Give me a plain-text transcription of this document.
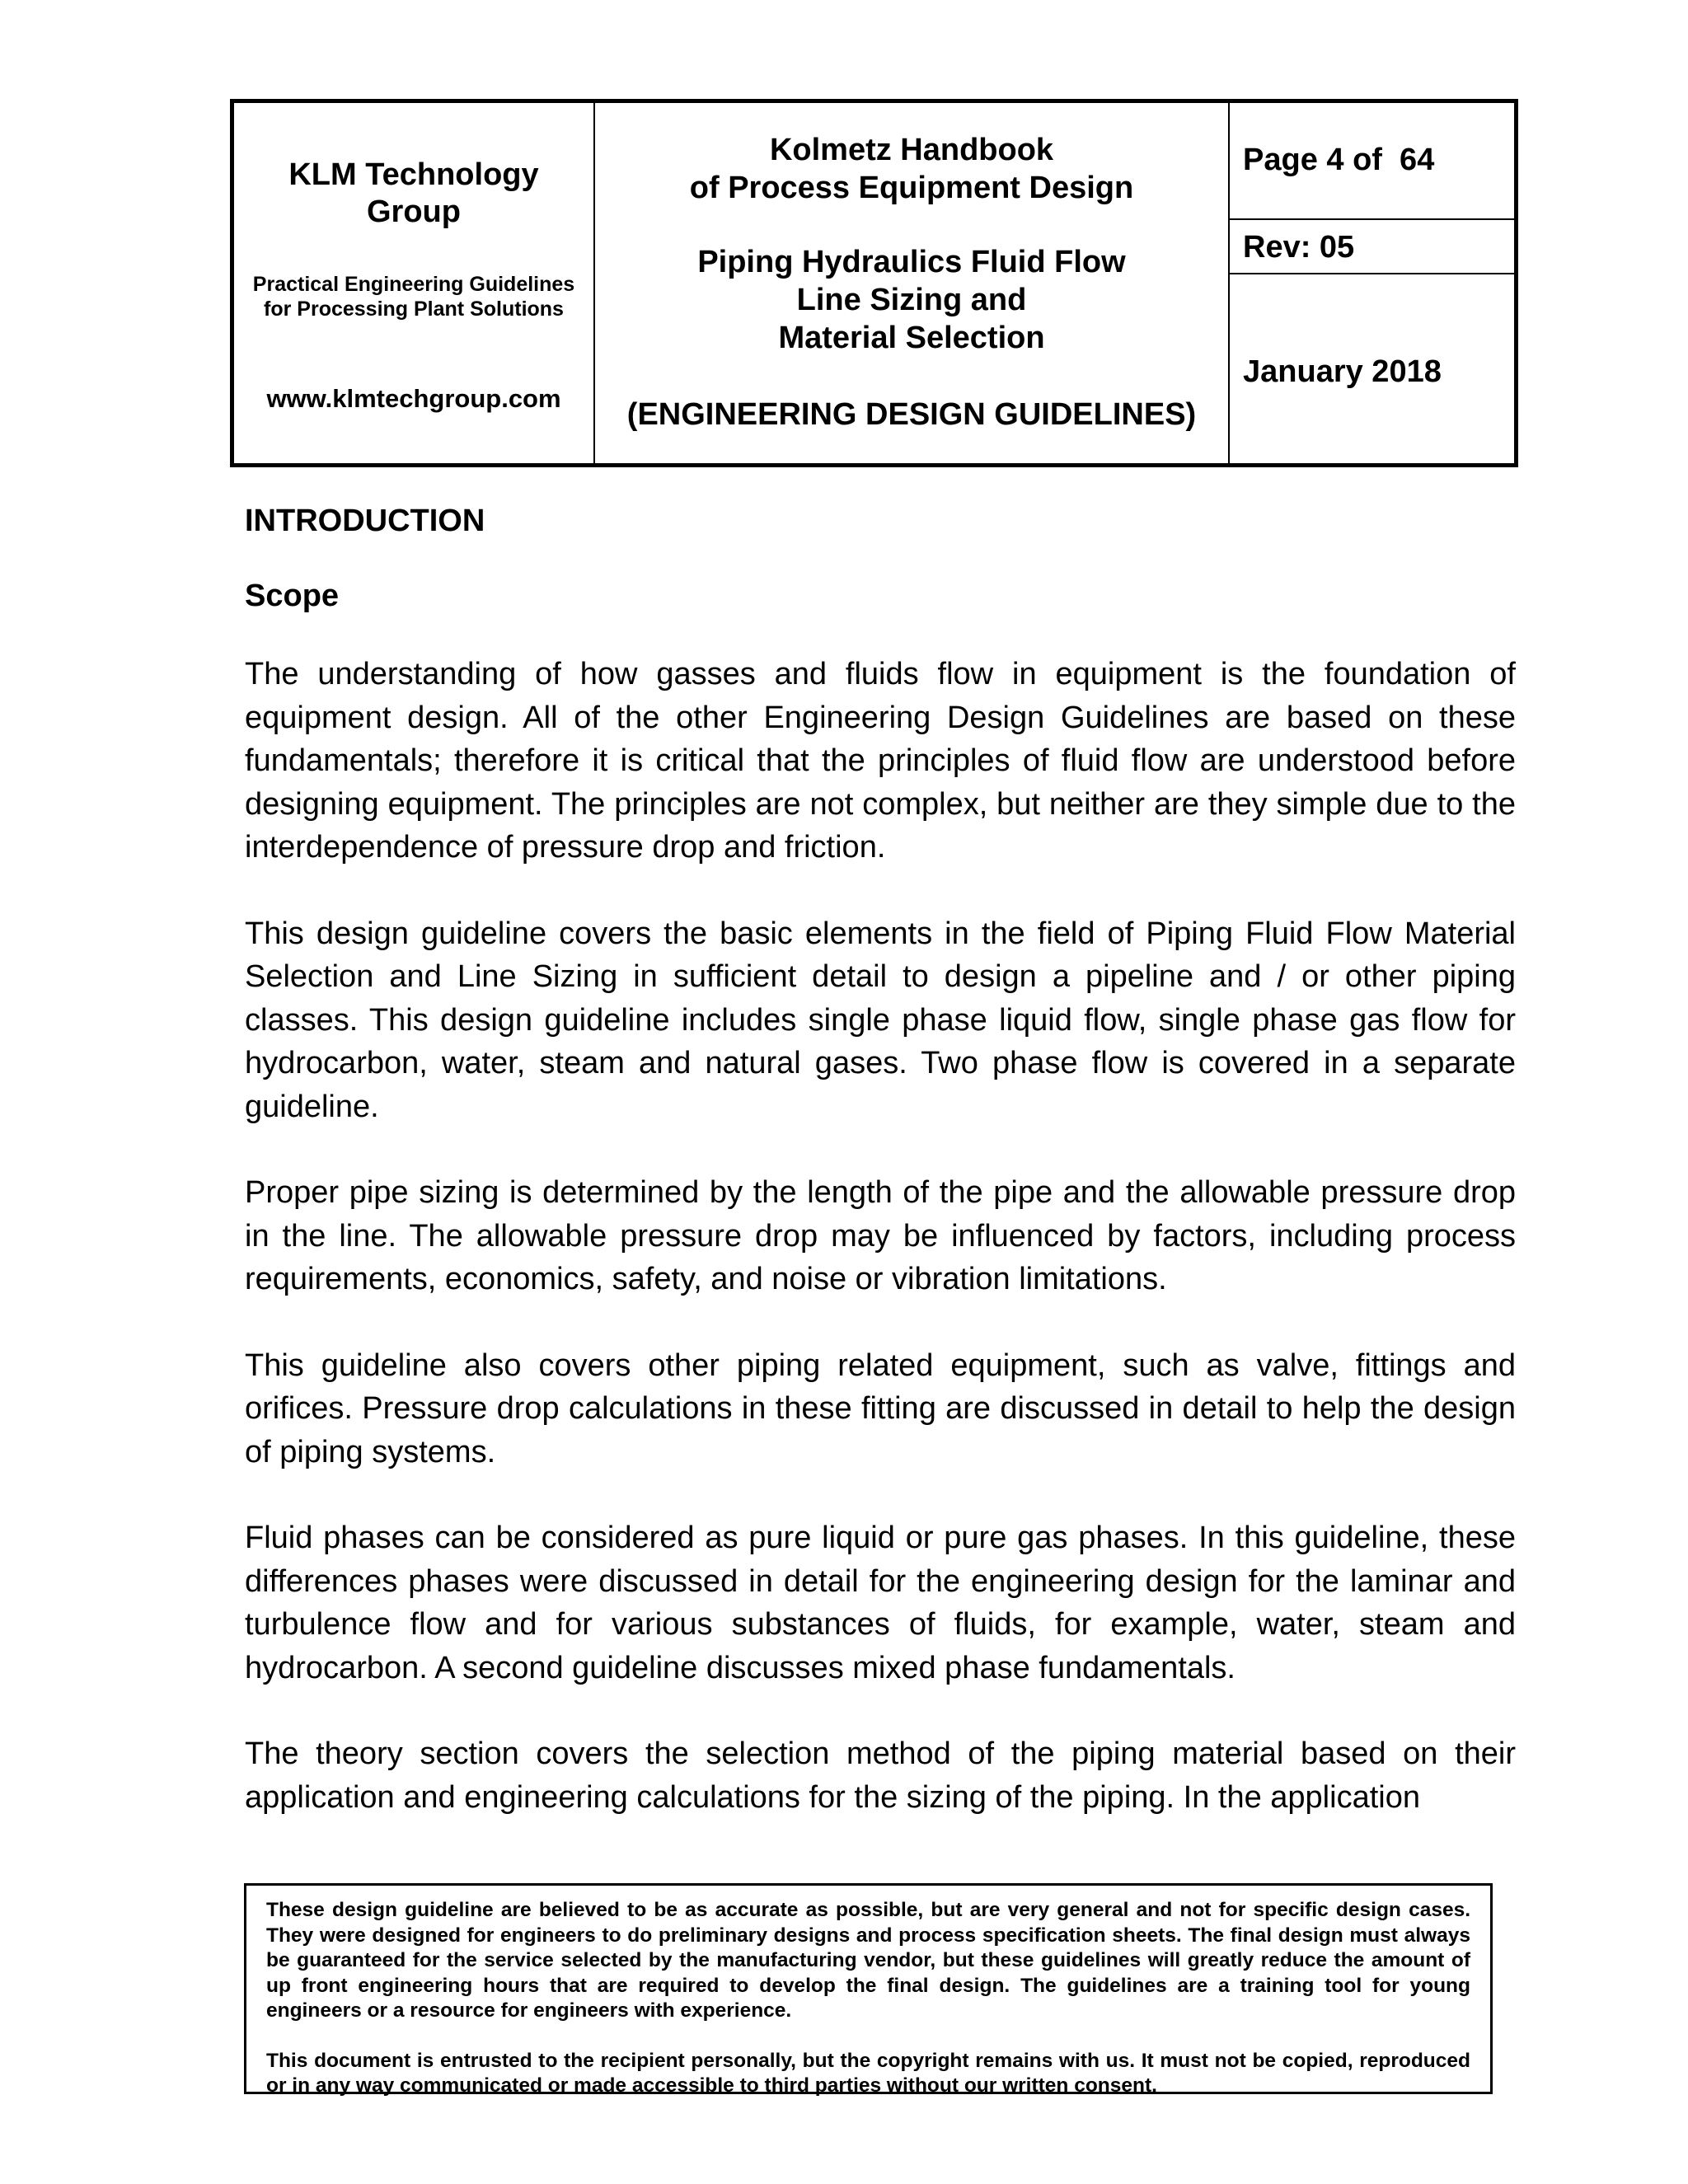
KLM Technology Group
Practical Engineering Guidelines for Processing Plant Solutions
www.klmtechgroup.com
Kolmetz Handbook
of Process Equipment Design
Piping Hydraulics Fluid Flow
Line Sizing and
Material Selection
(ENGINEERING DESIGN GUIDELINES)
Page 4 of  64
Rev: 05
January 2018
INTRODUCTION
Scope

The understanding of how gasses and fluids flow in equipment is the foundation of equipment design. All of the other Engineering Design Guidelines are based on these fundamentals; therefore it is critical that the principles of fluid flow are understood before designing equipment. The principles are not complex, but neither are they simple due to the interdependence of pressure drop and friction.

This design guideline covers the basic elements in the field of Piping Fluid Flow Material Selection and Line Sizing in sufficient detail to design a pipeline and / or other piping classes. This design guideline includes single phase liquid flow, single phase gas flow for hydrocarbon, water, steam and natural gases. Two phase flow is covered in a separate guideline.

Proper pipe sizing is determined by the length of the pipe and the allowable pressure drop in the line. The allowable pressure drop may be influenced by factors, including process requirements, economics, safety, and noise or vibration limitations.

This guideline also covers other piping related equipment, such as valve, fittings and orifices. Pressure drop calculations in these fitting are discussed in detail to help the design of piping systems.

Fluid phases can be considered as pure liquid or pure gas phases. In this guideline, these differences phases were discussed in detail for the engineering design for the laminar and turbulence flow and for various substances of fluids, for example, water, steam and hydrocarbon. A second guideline discusses mixed phase fundamentals.

The theory section covers the selection method of the piping material based on their application and engineering calculations for the sizing of the piping. In the application

These design guideline are believed to be as accurate as possible, but are very general and not for specific design cases. They were designed for engineers to do preliminary designs and process specification sheets. The final design must always be guaranteed for the service selected by the manufacturing vendor, but these guidelines will greatly reduce the amount of up front engineering hours that are required to develop the final design. The guidelines are a training tool for young engineers or a resource for engineers with experience.

This document is entrusted to the recipient personally, but the copyright remains with us. It must not be copied, reproduced or in any way communicated or made accessible to third parties without our written consent.
